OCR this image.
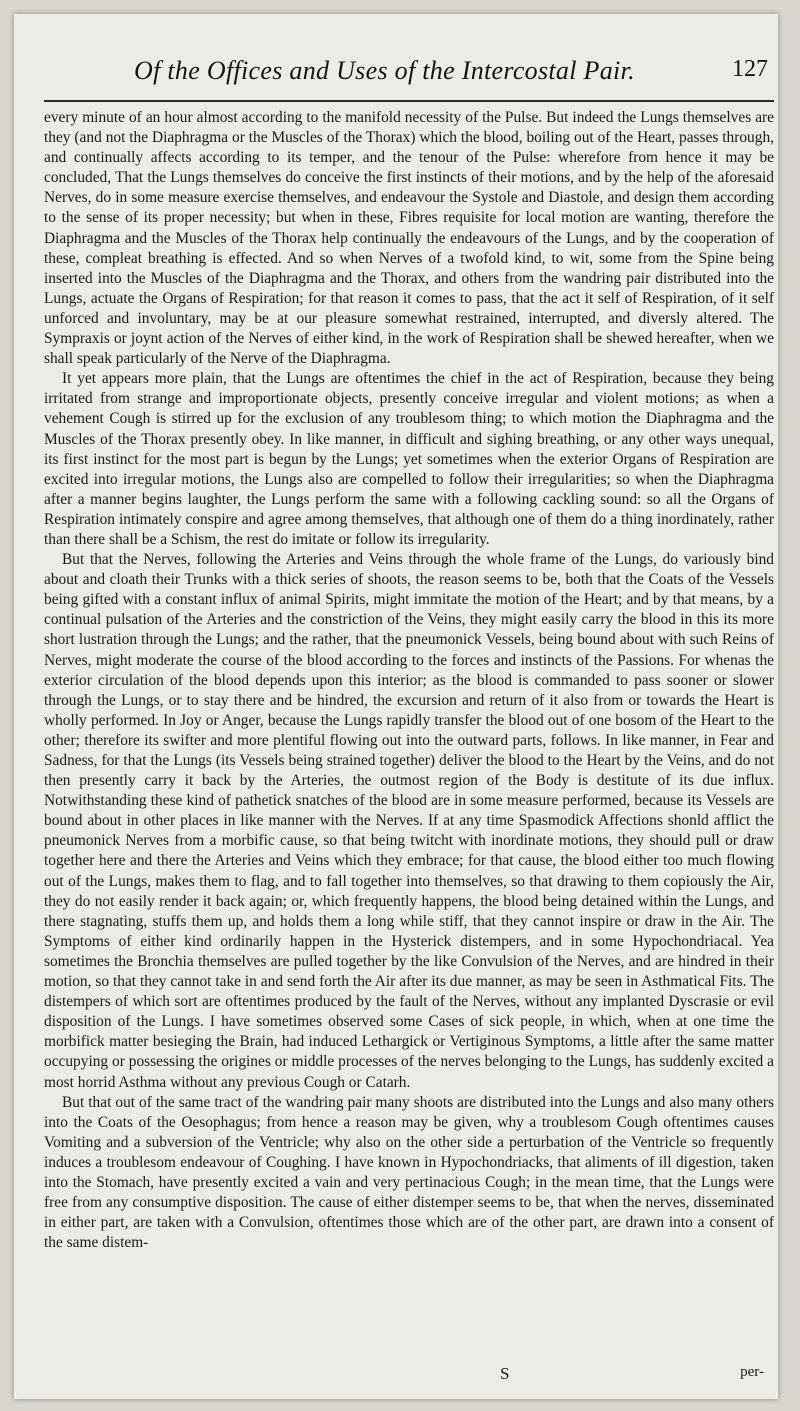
Of the Offices and Uses of the Intercostal Pair.	127

every minute of an hour almost according to the manifold necessity of the Pulse. But indeed the Lungs themselves are they (and not the Diaphragma or the Muscles of the Thorax) which the blood, boiling out of the Heart, passes through, and continually affects according to its temper, and the tenour of the Pulse: wherefore from hence it may be concluded, That the Lungs themselves do conceive the first instincts of their motions, and by the help of the aforesaid Nerves, do in some measure exercise themselves, and endeavour the Systole and Diastole, and design them according to the sense of its proper necessity; but when in these, Fibres requisite for local motion are wanting, therefore the Diaphragma and the Muscles of the Thorax help continually the endeavours of the Lungs, and by the cooperation of these, compleat breathing is effected. And so when Nerves of a twofold kind, to wit, some from the Spine being inserted into the Muscles of the Diaphragma and the Thorax, and others from the wandring pair distributed into the Lungs, actuate the Organs of Respiration; for that reason it comes to pass, that the act it self of Respiration, of it self unforced and involuntary, may be at our pleasure somewhat restrained, interrupted, and diversly altered. The Sympraxis or joynt action of the Nerves of either kind, in the work of Respiration shall be shewed hereafter, when we shall speak particularly of the Nerve of the Diaphragma.

It yet appears more plain, that the Lungs are oftentimes the chief in the act of Respiration, because they being irritated from strange and improportionate objects, presently conceive irregular and violent motions; as when a vehement Cough is stirred up for the exclusion of any troublesom thing; to which motion the Diaphragma and the Muscles of the Thorax presently obey. In like manner, in difficult and sighing breathing, or any other ways unequal, its first instinct for the most part is begun by the Lungs; yet sometimes when the exterior Organs of Respiration are excited into irregular motions, the Lungs also are compelled to follow their irregularities; so when the Diaphragma after a manner begins laughter, the Lungs perform the same with a following cackling sound: so all the Organs of Respiration intimately conspire and agree among themselves, that although one of them do a thing inordinately, rather than there shall be a Schism, the rest do imitate or follow its irregularity.

But that the Nerves, following the Arteries and Veins through the whole frame of the Lungs, do variously bind about and cloath their Trunks with a thick series of shoots, the reason seems to be, both that the Coats of the Vessels being gifted with a constant influx of animal Spirits, might immitate the motion of the Heart; and by that means, by a continual pulsation of the Arteries and the constriction of the Veins, they might easily carry the blood in this its more short lustration through the Lungs; and the rather, that the pneumonick Vessels, being bound about with such Reins of Nerves, might moderate the course of the blood according to the forces and instincts of the Passions. For whenas the exterior circulation of the blood depends upon this interior; as the blood is commanded to pass sooner or slower through the Lungs, or to stay there and be hindred, the excursion and return of it also from or towards the Heart is wholly performed. In Joy or Anger, because the Lungs rapidly transfer the blood out of one bosom of the Heart to the other; therefore its swifter and more plentiful flowing out into the outward parts, follows. In like manner, in Fear and Sadness, for that the Lungs (its Vessels being strained together) deliver the blood to the Heart by the Veins, and do not then presently carry it back by the Arteries, the outmost region of the Body is destitute of its due influx. Notwithstanding these kind of pathetick snatches of the blood are in some measure performed, because its Vessels are bound about in other places in like manner with the Nerves. If at any time Spasmodick Affections shonld afflict the pneumonick Nerves from a morbific cause, so that being twitcht with inordinate motions, they should pull or draw together here and there the Arteries and Veins which they embrace; for that cause, the blood either too much flowing out of the Lungs, makes them to flag, and to fall together into themselves, so that drawing to them copiously the Air, they do not easily render it back again; or, which frequently happens, the blood being detained within the Lungs, and there stagnating, stuffs them up, and holds them a long while stiff, that they cannot inspire or draw in the Air. The Symptoms of either kind ordinarily happen in the Hysterick distempers, and in some Hypochondriacal. Yea sometimes the Bronchia themselves are pulled together by the like Convulsion of the Nerves, and are hindred in their motion, so that they cannot take in and send forth the Air after its due manner, as may be seen in Asthmatical Fits. The distempers of which sort are oftentimes produced by the fault of the Nerves, without any implanted Dyscrasie or evil disposition of the Lungs. I have sometimes observed some Cases of sick people, in which, when at one time the morbifick matter besieging the Brain, had induced Lethargick or Vertiginous Symptoms, a little after the same matter occupying or possessing the origines or middle processes of the nerves belonging to the Lungs, has suddenly excited a most horrid Asthma without any previous Cough or Catarh.

But that out of the same tract of the wandring pair many shoots are distributed into the Lungs and also many others into the Coats of the Oesophagus; from hence a reason may be given, why a troublesom Cough oftentimes causes Vomiting and a subversion of the Ventricle; why also on the other side a perturbation of the Ventricle so frequently induces a troublesom endeavour of Coughing. I have known in Hypochondriacks, that aliments of ill digestion, taken into the Stomach, have presently excited a vain and very pertinacious Cough; in the mean time, that the Lungs were free from any consumptive disposition. The cause of either distemper seems to be, that when the nerves, disseminated in either part, are taken with a Convulsion, oftentimes those which are of the other part, are drawn into a consent of the same distem-

S	per-
